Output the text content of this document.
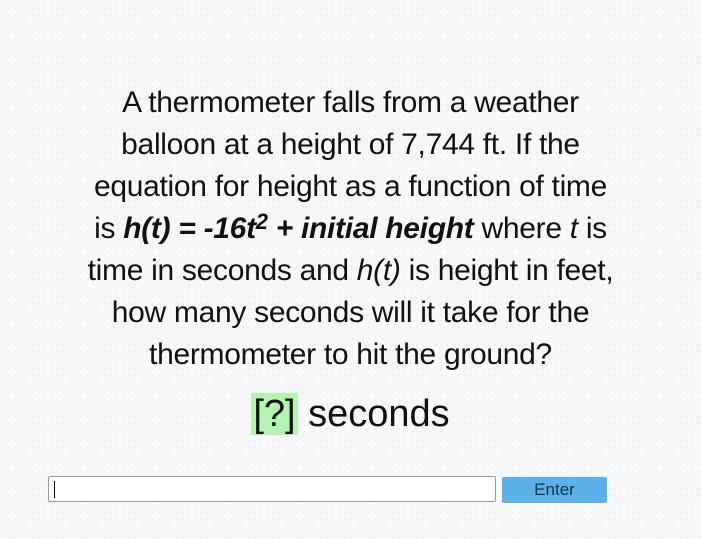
A thermometer falls from a weather
balloon at a height of 7,744 ft. If the
equation for height as a function of time
is $h(t) = -16t^2$ + initial height where t is
time in seconds and h(t) is height in feet,
how many seconds will it take for the
thermometer to hit the ground?
[?] seconds
Enter
